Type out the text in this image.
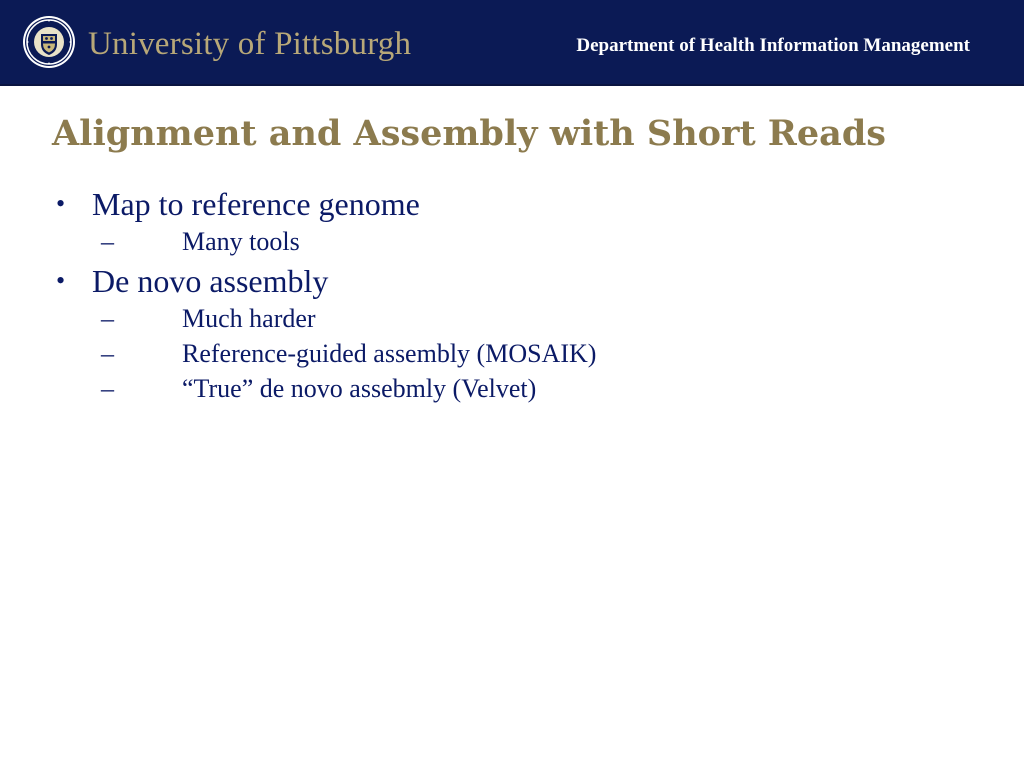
University of Pittsburgh	Department of Health Information Management
Alignment and Assembly with Short Reads
• Map to reference genome
–	Many tools
• De novo assembly
–	Much harder
–	Reference-guided assembly (MOSAIK)
–	“True” de novo assebmly (Velvet)
